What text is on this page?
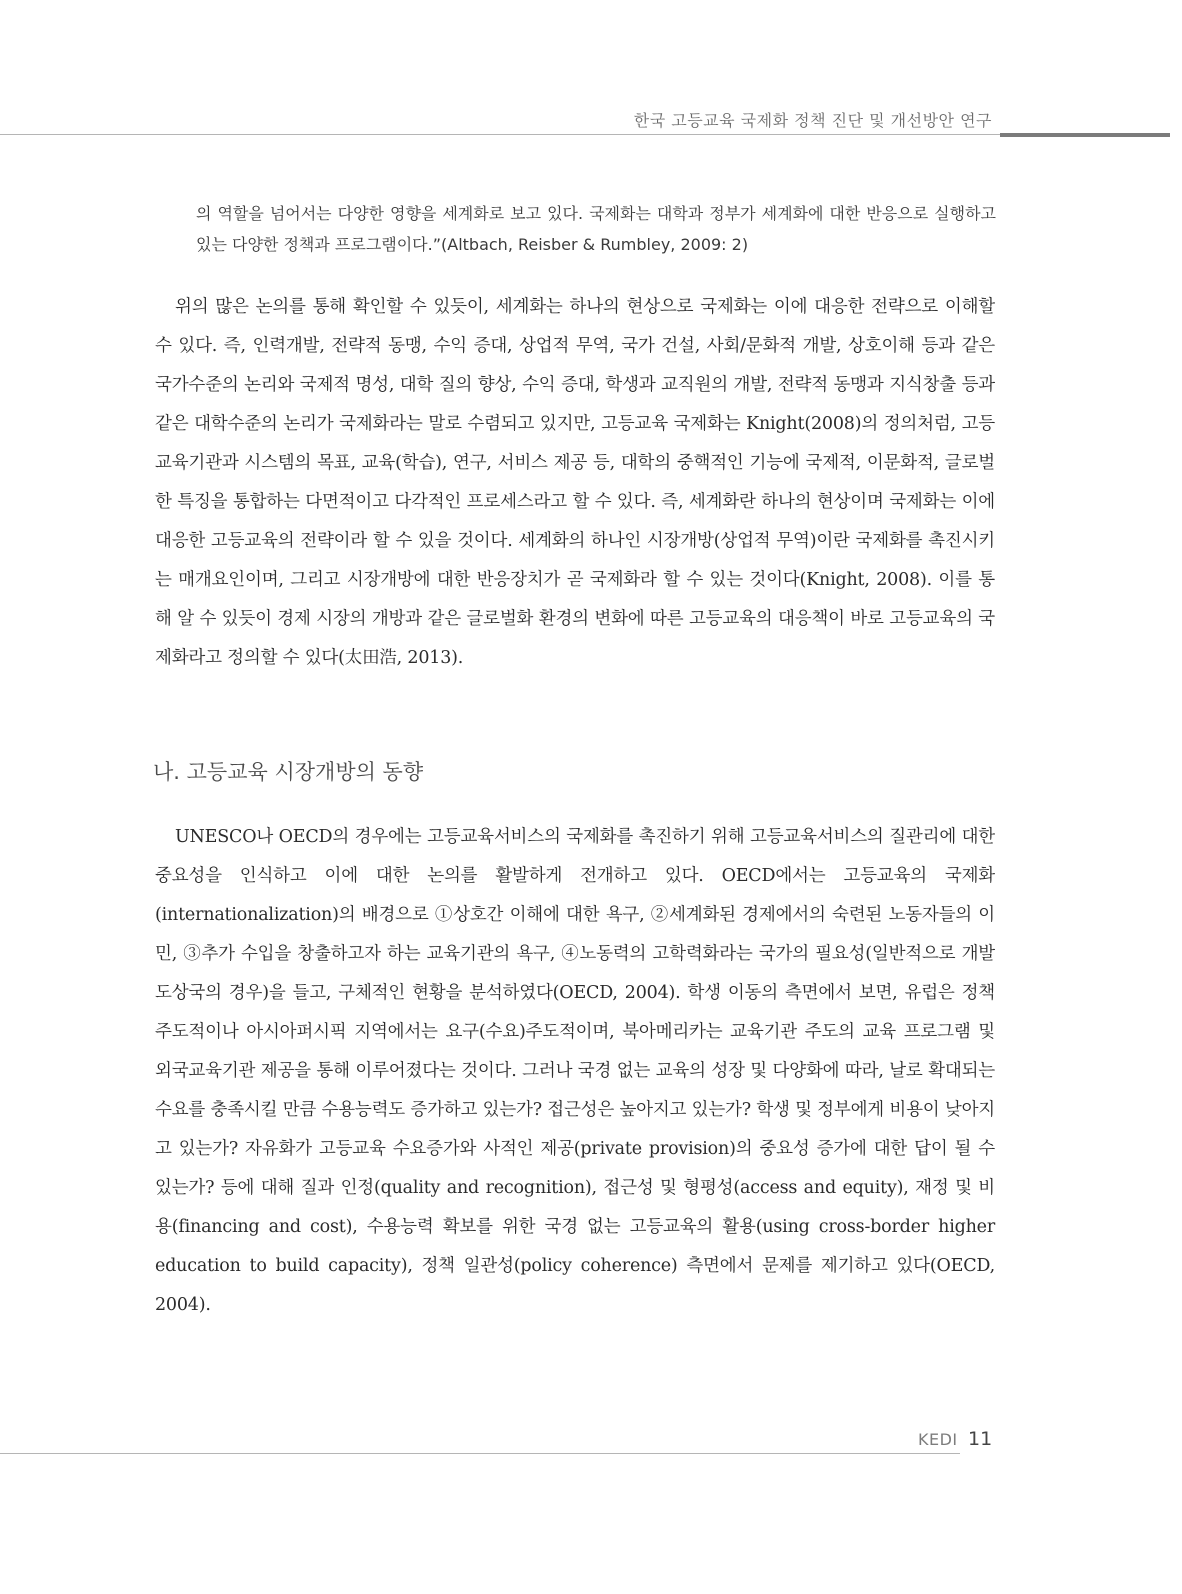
한국 고등교육 국제화 정책 진단 및 개선방안 연구

의 역할을 넘어서는 다양한 영향을 세계화로 보고 있다. 국제화는 대학과 정부가 세계화에 대한 반응으로 실행하고 있는 다양한 정책과 프로그램이다.”(Altbach, Reisber & Rumbley, 2009: 2)

위의 많은 논의를 통해 확인할 수 있듯이, 세계화는 하나의 현상으로 국제화는 이에 대응한 전략으로 이해할 수 있다. 즉, 인력개발, 전략적 동맹, 수익 증대, 상업적 무역, 국가 건설, 사회/문화적 개발, 상호이해 등과 같은 국가수준의 논리와 국제적 명성, 대학 질의 향상, 수익 증대, 학생과 교직원의 개발, 전략적 동맹과 지식창출 등과 같은 대학수준의 논리가 국제화라는 말로 수렴되고 있지만, 고등교육 국제화는 Knight(2008)의 정의처럼, 고등교육기관과 시스템의 목표, 교육(학습), 연구, 서비스 제공 등, 대학의 중핵적인 기능에 국제적, 이문화적, 글로벌한 특징을 통합하는 다면적이고 다각적인 프로세스라고 할 수 있다. 즉, 세계화란 하나의 현상이며 국제화는 이에 대응한 고등교육의 전략이라 할 수 있을 것이다. 세계화의 하나인 시장개방(상업적 무역)이란 국제화를 촉진시키는 매개요인이며, 그리고 시장개방에 대한 반응장치가 곧 국제화라 할 수 있는 것이다(Knight, 2008). 이를 통해 알 수 있듯이 경제 시장의 개방과 같은 글로벌화 환경의 변화에 따른 고등교육의 대응책이 바로 고등교육의 국제화라고 정의할 수 있다(太田浩, 2013).

나. 고등교육 시장개방의 동향

UNESCO나 OECD의 경우에는 고등교육서비스의 국제화를 촉진하기 위해 고등교육서비스의 질관리에 대한 중요성을 인식하고 이에 대한 논의를 활발하게 전개하고 있다. OECD에서는 고등교육의 국제화(internationalization)의 배경으로 ①상호간 이해에 대한 욕구, ②세계화된 경제에서의 숙련된 노동자들의 이민, ③추가 수입을 창출하고자 하는 교육기관의 욕구, ④노동력의 고학력화라는 국가의 필요성(일반적으로 개발도상국의 경우)을 들고, 구체적인 현황을 분석하였다(OECD, 2004). 학생 이동의 측면에서 보면, 유럽은 정책 주도적이나 아시아퍼시픽 지역에서는 요구(수요)주도적이며, 북아메리카는 교육기관 주도의 교육 프로그램 및 외국교육기관 제공을 통해 이루어졌다는 것이다. 그러나 국경 없는 교육의 성장 및 다양화에 따라, 날로 확대되는 수요를 충족시킬 만큼 수용능력도 증가하고 있는가? 접근성은 높아지고 있는가? 학생 및 정부에게 비용이 낮아지고 있는가? 자유화가 고등교육 수요증가와 사적인 제공(private provision)의 중요성 증가에 대한 답이 될 수 있는가? 등에 대해 질과 인정(quality and recognition), 접근성 및 형평성(access and equity), 재정 및 비용(financing and cost), 수용능력 확보를 위한 국경 없는 고등교육의 활용(using cross-border higher education to build capacity), 정책 일관성(policy coherence) 측면에서 문제를 제기하고 있다(OECD, 2004).

KEDI 11
